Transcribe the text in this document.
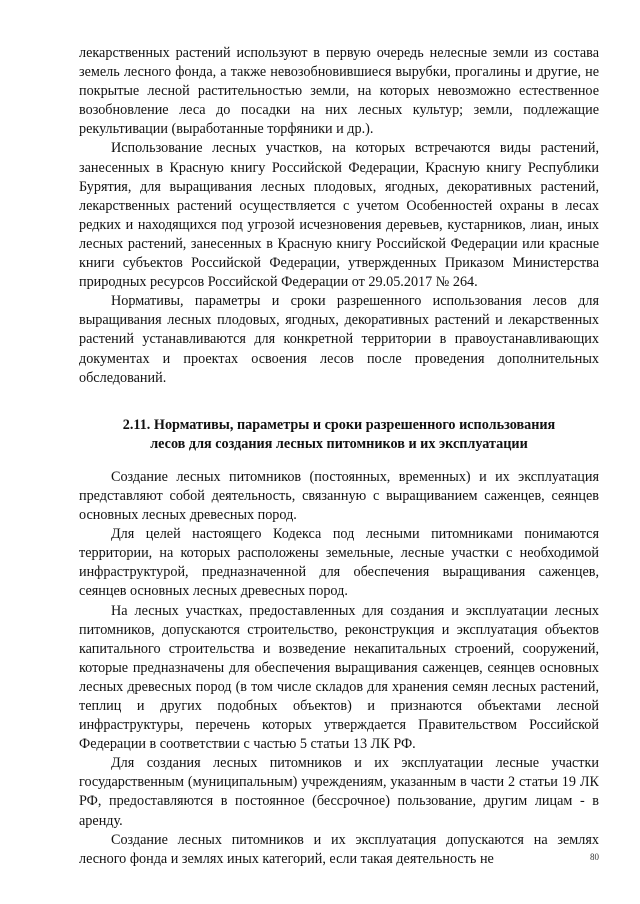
лекарственных растений используют в первую очередь нелесные земли из состава земель лесного фонда, а также невозобновившиеся вырубки, прогалины и другие, не покрытые лесной растительностью земли, на которых невозможно естественное возобновление леса до посадки на них лесных культур; земли, подлежащие рекультивации (выработанные торфяники и др.).

Использование лесных участков, на которых встречаются виды растений, занесенных в Красную книгу Российской Федерации, Красную книгу Республики Бурятия, для выращивания лесных плодовых, ягодных, декоративных растений, лекарственных растений осуществляется с учетом Особенностей охраны в лесах редких и находящихся под угрозой исчезновения деревьев, кустарников, лиан, иных лесных растений, занесенных в Красную книгу Российской Федерации или красные книги субъектов Российской Федерации, утвержденных Приказом Министерства природных ресурсов Российской Федерации от 29.05.2017 № 264.

Нормативы, параметры и сроки разрешенного использования лесов для выращивания лесных плодовых, ягодных, декоративных растений и лекарственных растений устанавливаются для конкретной территории в правоустанавливающих документах и проектах освоения лесов после проведения дополнительных обследований.

2.11. Нормативы, параметры и сроки разрешенного использования
лесов для создания лесных питомников и их эксплуатации

Создание лесных питомников (постоянных, временных) и их эксплуатация представляют собой деятельность, связанную с выращиванием саженцев, сеянцев основных лесных древесных пород.

Для целей настоящего Кодекса под лесными питомниками понимаются территории, на которых расположены земельные, лесные участки с необходимой инфраструктурой, предназначенной для обеспечения выращивания саженцев, сеянцев основных лесных древесных пород.

На лесных участках, предоставленных для создания и эксплуатации лесных питомников, допускаются строительство, реконструкция и эксплуатация объектов капитального строительства и возведение некапитальных строений, сооружений, которые предназначены для обеспечения выращивания саженцев, сеянцев основных лесных древесных пород (в том числе складов для хранения семян лесных растений, теплиц и других подобных объектов) и признаются объектами лесной инфраструктуры, перечень которых утверждается Правительством Российской Федерации в соответствии с частью 5 статьи 13 ЛК РФ.

Для создания лесных питомников и их эксплуатации лесные участки государственным (муниципальным) учреждениям, указанным в части 2 статьи 19 ЛК РФ, предоставляются в постоянное (бессрочное) пользование, другим лицам - в аренду.

Создание лесных питомников и их эксплуатация допускаются на землях лесного фонда и землях иных категорий, если такая деятельность не	80
